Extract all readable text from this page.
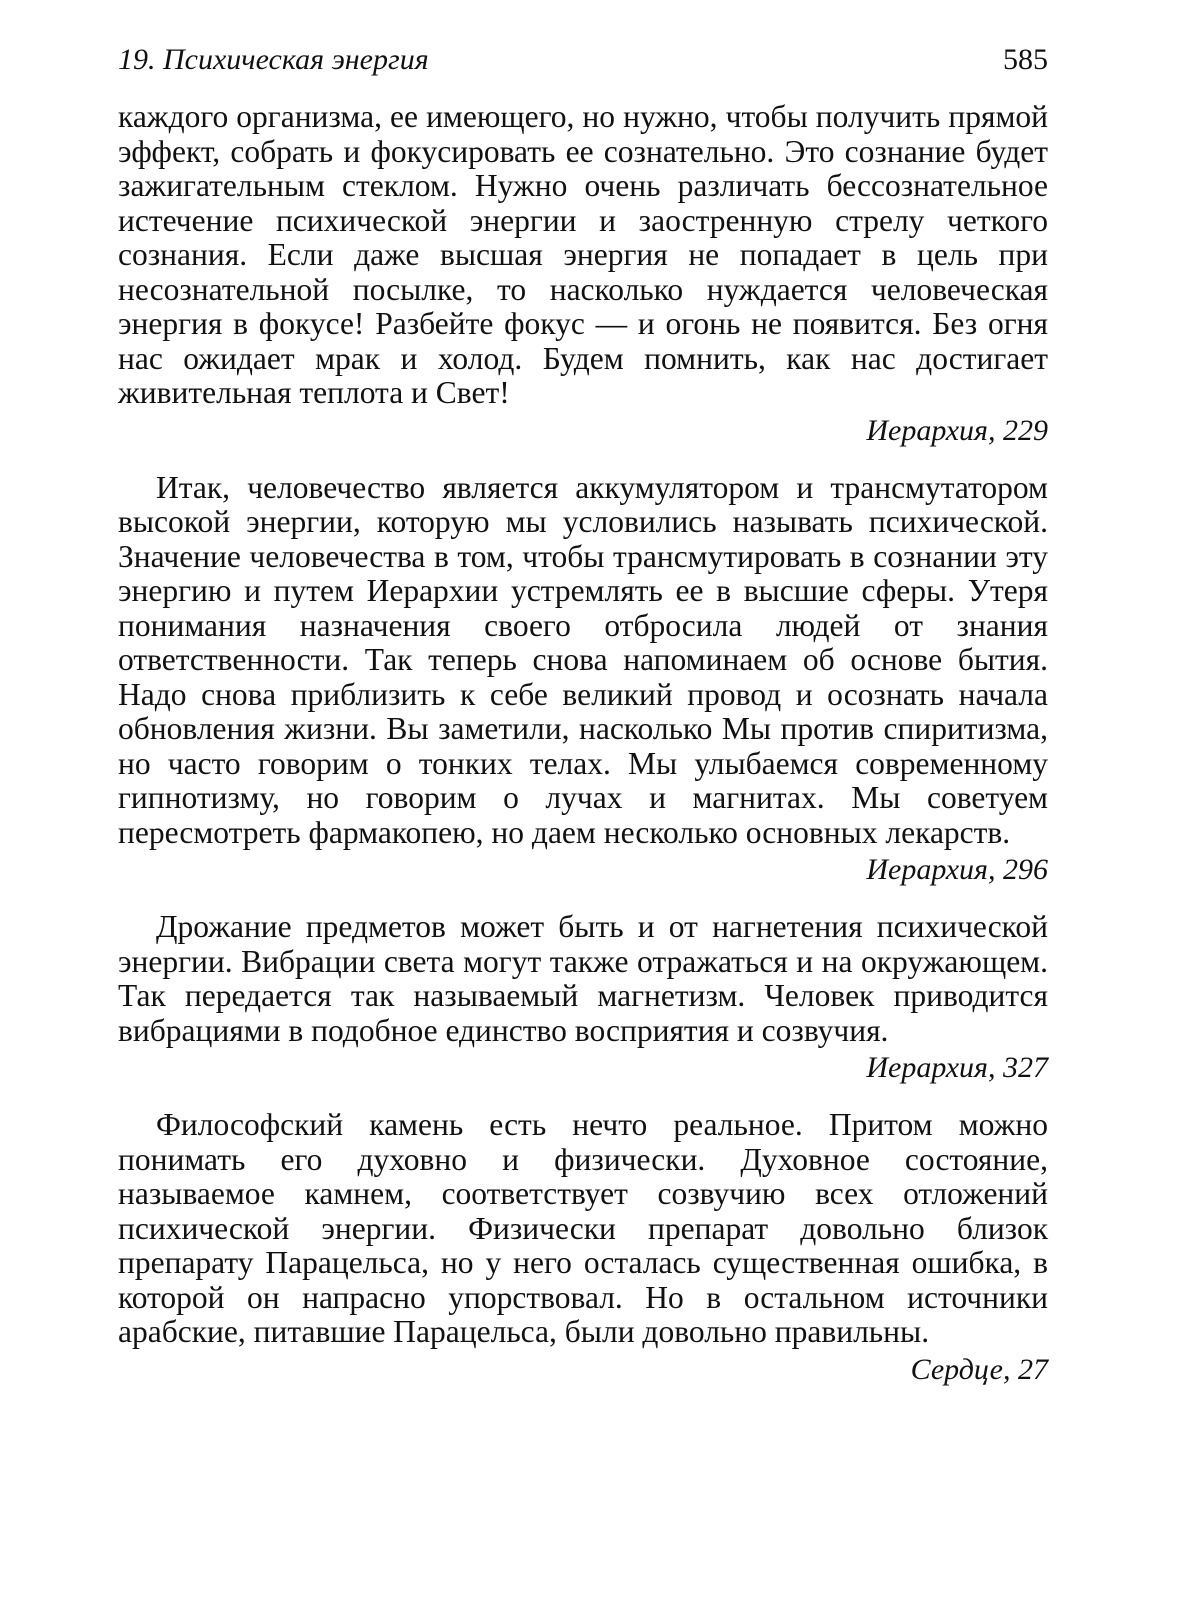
19. Психическая энергия	585

каждого организма, ее имеющего, но нужно, чтобы получить прямой эффект, собрать и фокусировать ее сознательно. Это сознание будет зажигательным стеклом. Нужно очень различать бессознательное истечение психической энергии и заостренную стрелу четкого сознания. Если даже высшая энергия не попадает в цель при несознательной посылке, то насколько нуждается человеческая энергия в фокусе! Разбейте фокус — и огонь не появится. Без огня нас ожидает мрак и холод. Будем помнить, как нас достигает живительная теплота и Свет!

Иерархия, 229

Итак, человечество является аккумулятором и трансмутатором высокой энергии, которую мы условились называть психической. Значение человечества в том, чтобы трансмутировать в сознании эту энергию и путем Иерархии устремлять ее в высшие сферы. Утеря понимания назначения своего отбросила людей от знания ответственности. Так теперь снова напоминаем об основе бытия. Надо снова приблизить к себе великий провод и осознать начала обновления жизни. Вы заметили, насколько Мы против спиритизма, но часто говорим о тонких телах. Мы улыбаемся современному гипнотизму, но говорим о лучах и магнитах. Мы советуем пересмотреть фармакопею, но даем несколько основных лекарств.

Иерархия, 296

Дрожание предметов может быть и от нагнетения психической энергии. Вибрации света могут также отражаться и на окружающем. Так передается так называемый магнетизм. Человек приводится вибрациями в подобное единство восприятия и созвучия.

Иерархия, 327

Философский камень есть нечто реальное. Притом можно понимать его духовно и физически. Духовное состояние, называемое камнем, соответствует созвучию всех отложений психической энергии. Физически препарат довольно близок препарату Парацельса, но у него осталась существенная ошибка, в которой он напрасно упорствовал. Но в остальном источники арабские, питавшие Парацельса, были довольно правильны.

Сердце, 27
